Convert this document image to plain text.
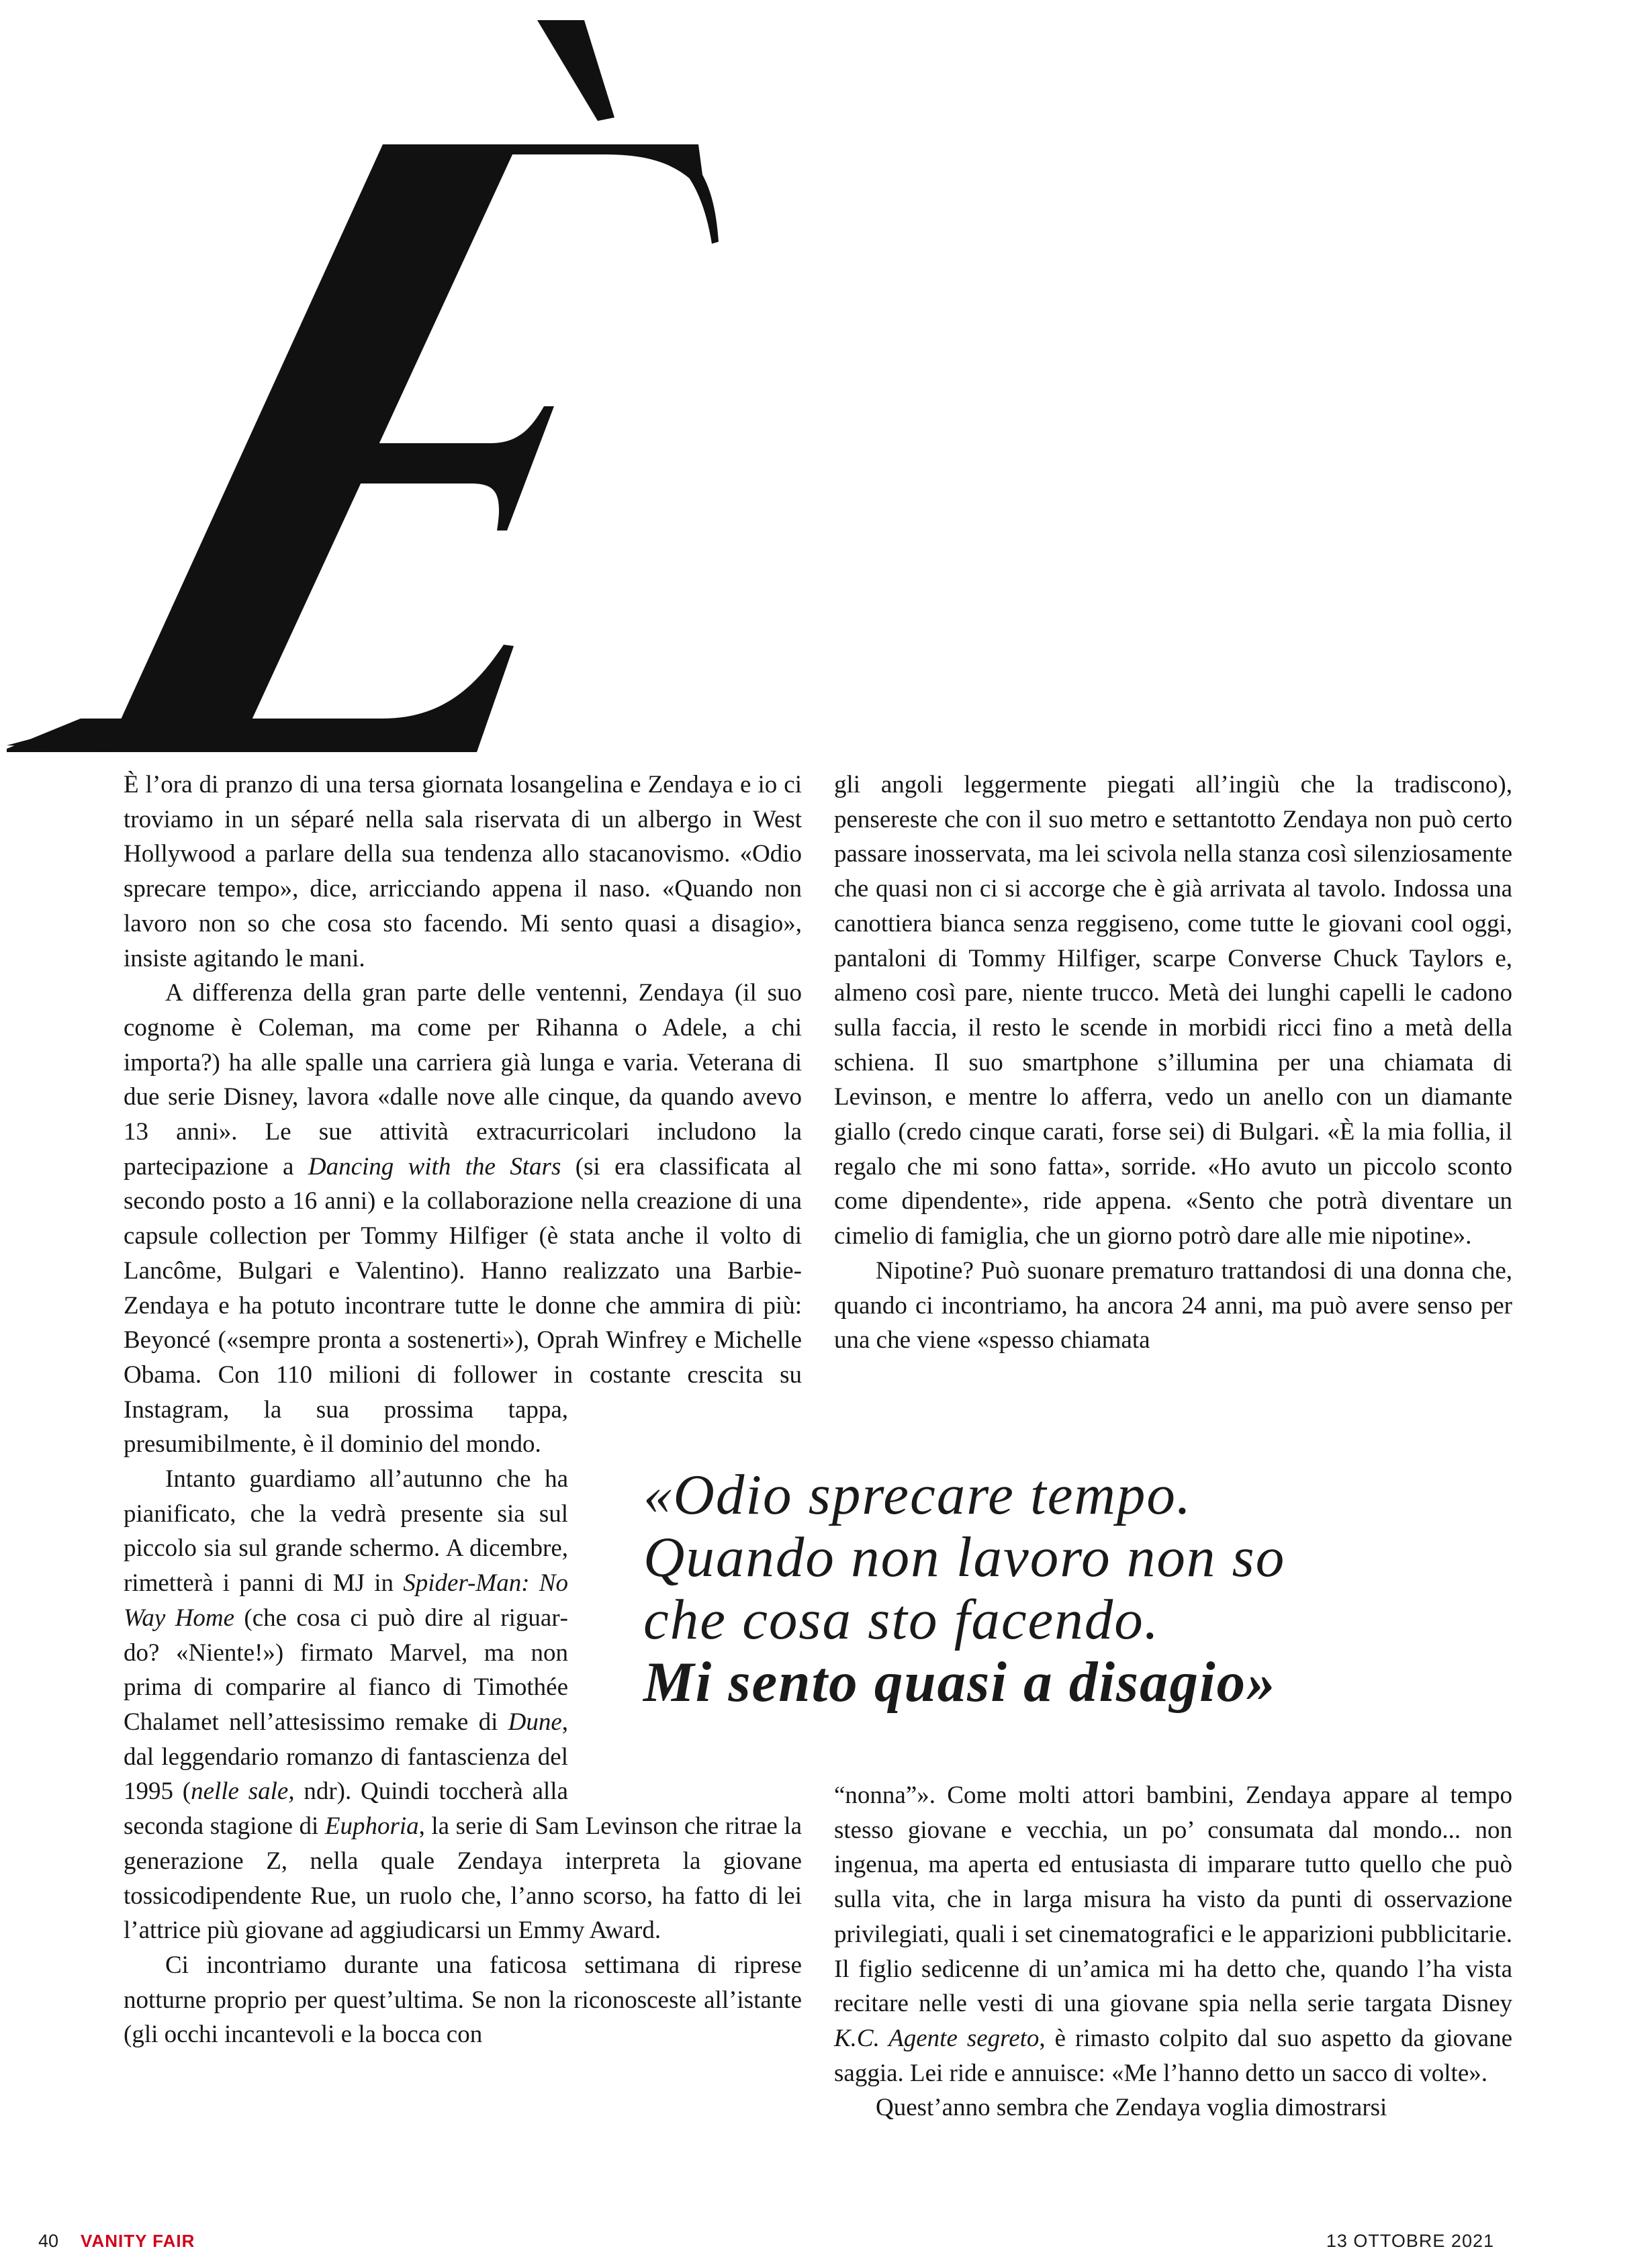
È l’ora di pranzo di una tersa giornata losangelina e Zendaya e io ci troviamo in un séparé nella sala riservata di un albergo in West Hollywood a parlare della sua tendenza allo stacanovismo. «Odio sprecare tempo», dice, arricciando appena il naso. «Quando non lavoro non so che cosa sto facendo. Mi sento quasi a disagio», insiste agitando le mani.

A differenza della gran parte delle ventenni, Zendaya (il suo cognome è Coleman, ma come per Rihanna o Adele, a chi importa?) ha alle spalle una carriera già lunga e varia. Veterana di due serie Disney, lavora «dalle nove alle cinque, da quando avevo 13 anni». Le sue attività extracurricolari includono la partecipazione a Dancing with the Stars (si era classificata al secondo posto a 16 anni) e la collaborazione nella creazione di una capsule collection per Tommy Hilfiger (è stata anche il volto di Lancôme, Bulgari e Valentino). Hanno realizzato una Barbie-Zendaya e ha potuto incontrare tutte le donne che ammira di più: Beyoncé («sempre pronta a sostenerti»), Oprah Winfrey e Michelle Obama. Con 110 milioni di follower in costante crescita su Instagram, la sua prossima tappa, presumibilmente, è il dominio del mondo.

Intanto guardiamo all’autunno che ha pianificato, che la vedrà presente sia sul piccolo sia sul grande schermo. A dicembre, rimetterà i panni di MJ in Spider-Man: No Way Home (che cosa ci può dire al riguardo? «Niente!») firmato Marvel, ma non prima di comparire al fianco di Timothée Chalamet nell’attesissimo remake di Dune, dal leggendario romanzo di fantascienza del 1995 (nelle sale, ndr). Quindi toccherà alla seconda stagione di Euphoria, la serie di Sam Levinson che ritrae la generazione Z, nella quale Zendaya interpreta la giovane tossicodipendente Rue, un ruolo che, l’anno scorso, ha fatto di lei l’attrice più giovane ad aggiudicarsi un Emmy Award.

Ci incontriamo durante una faticosa settimana di riprese notturne proprio per quest’ultima. Se non la riconosceste all’istante (gli occhi incantevoli e la bocca con

gli angoli leggermente piegati all’ingiù che la tradiscono), pensereste che con il suo metro e settantotto Zendaya non può certo passare inosservata, ma lei scivola nella stanza così silenziosamente che quasi non ci si accorge che è già arrivata al tavolo. Indossa una canottiera bianca senza reggiseno, come tutte le giovani cool oggi, pantaloni di Tommy Hilfiger, scarpe Converse Chuck Taylors e, almeno così pare, niente trucco. Metà dei lunghi capelli le cadono sulla faccia, il resto le scende in morbidi ricci fino a metà della schiena. Il suo smartphone s’illumina per una chiamata di Levinson, e mentre lo afferra, vedo un anello con un diamante giallo (credo cinque carati, forse sei) di Bulgari. «È la mia follia, il regalo che mi sono fatta», sorride. «Ho avuto un piccolo sconto come dipendente», ride appena. «Sento che potrà diventare un cimelio di famiglia, che un giorno potrò dare alle mie nipotine».

Nipotine? Può suonare prematuro trattandosi di una donna che, quando ci incontriamo, ha ancora 24 anni, ma può avere senso per una che viene «spesso chiamata

«Odio sprecare tempo.
Quando non lavoro non so
che cosa sto facendo.
Mi sento quasi a disagio»

“nonna”». Come molti attori bambini, Zendaya appare al tempo stesso giovane e vecchia, un po’ consumata dal mondo... non ingenua, ma aperta ed entusiasta di imparare tutto quello che può sulla vita, che in larga misura ha visto da punti di osservazione privilegiati, quali i set cinematografici e le apparizioni pubblicitarie. Il figlio sedicenne di un’amica mi ha detto che, quando l’ha vista recitare nelle vesti di una giovane spia nella serie targata Disney K.C. Agente segreto, è rimasto colpito dal suo aspetto da giovane saggia. Lei ride e annuisce: «Me l’hanno detto un sacco di volte».

Quest’anno sembra che Zendaya voglia dimostrarsi

40 VANITY FAIR	13 OTTOBRE 2021
